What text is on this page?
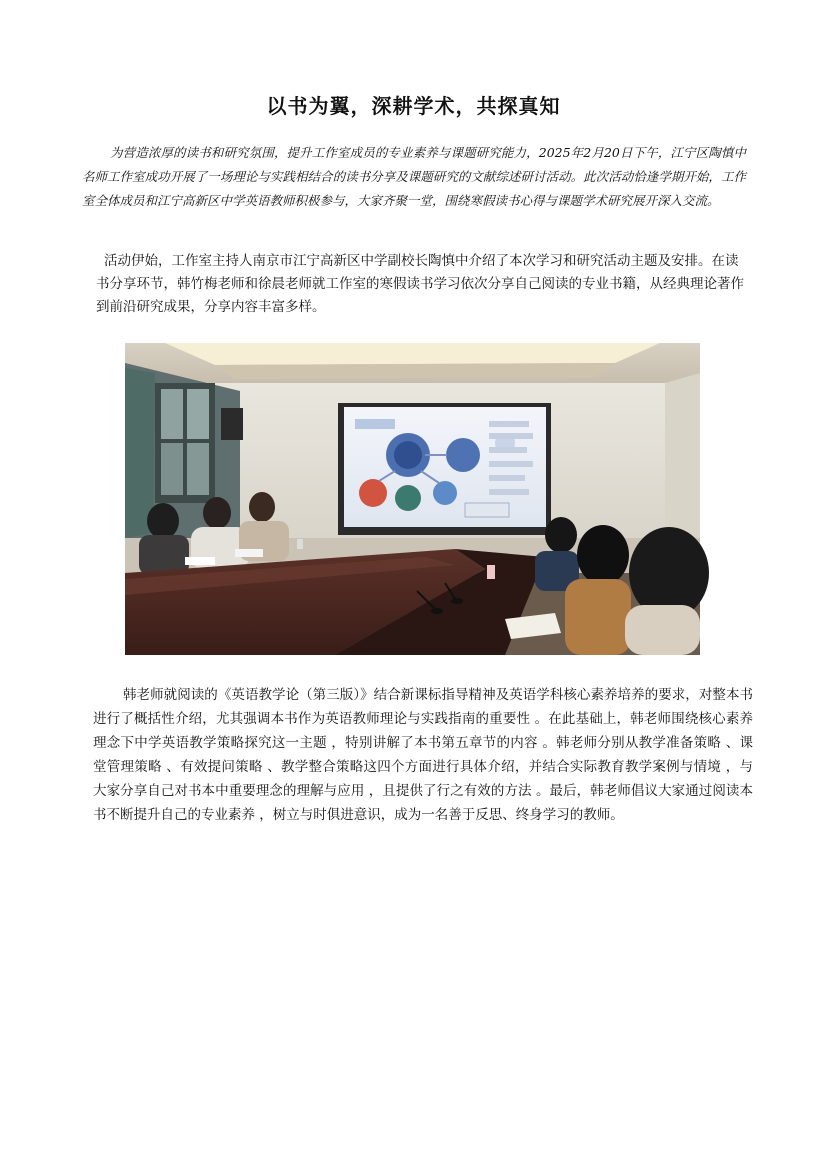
以书为翼，深耕学术，共探真知

为营造浓厚的读书和研究氛围，提升工作室成员的专业素养与课题研究能力，2025年2月20日下午，江宁区陶慎中名师工作室成功开展了一场理论与实践相结合的读书分享及课题研究的文献综述研讨活动。此次活动恰逢学期开始，工作室全体成员和江宁高新区中学英语教师积极参与，大家齐聚一堂，围绕寒假读书心得与课题学术研究展开深入交流。

活动伊始，工作室主持人南京市江宁高新区中学副校长陶慎中介绍了本次学习和研究活动主题及安排。在读书分享环节，韩竹梅老师和徐晨老师就工作室的寒假读书学习依次分享自己阅读的专业书籍，从经典理论著作到前沿研究成果，分享内容丰富多样。

✿ 公众号 · 江宁区初中英语陶慎中工作室

韩老师就阅读的《英语教学论（第三版）》结合新课标指导精神及英语学科核心素养培养的要求，对整本书进行了概括性介绍，尤其强调本书作为英语教师理论与实践指南的重要性 。在此基础上，韩老师围绕核心素养理念下中学英语教学策略探究这一主题 ，特别讲解了本书第五章节的内容 。韩老师分别从教学准备策略 、课堂管理策略 、有效提问策略 、教学整合策略这四个方面进行具体介绍，并结合实际教育教学案例与情境 ，与大家分享自己对书本中重要理念的理解与应用 ，且提供了行之有效的方法 。最后，韩老师倡议大家通过阅读本书不断提升自己的专业素养 ，树立与时俱进意识，成为一名善于反思、终身学习的教师。
